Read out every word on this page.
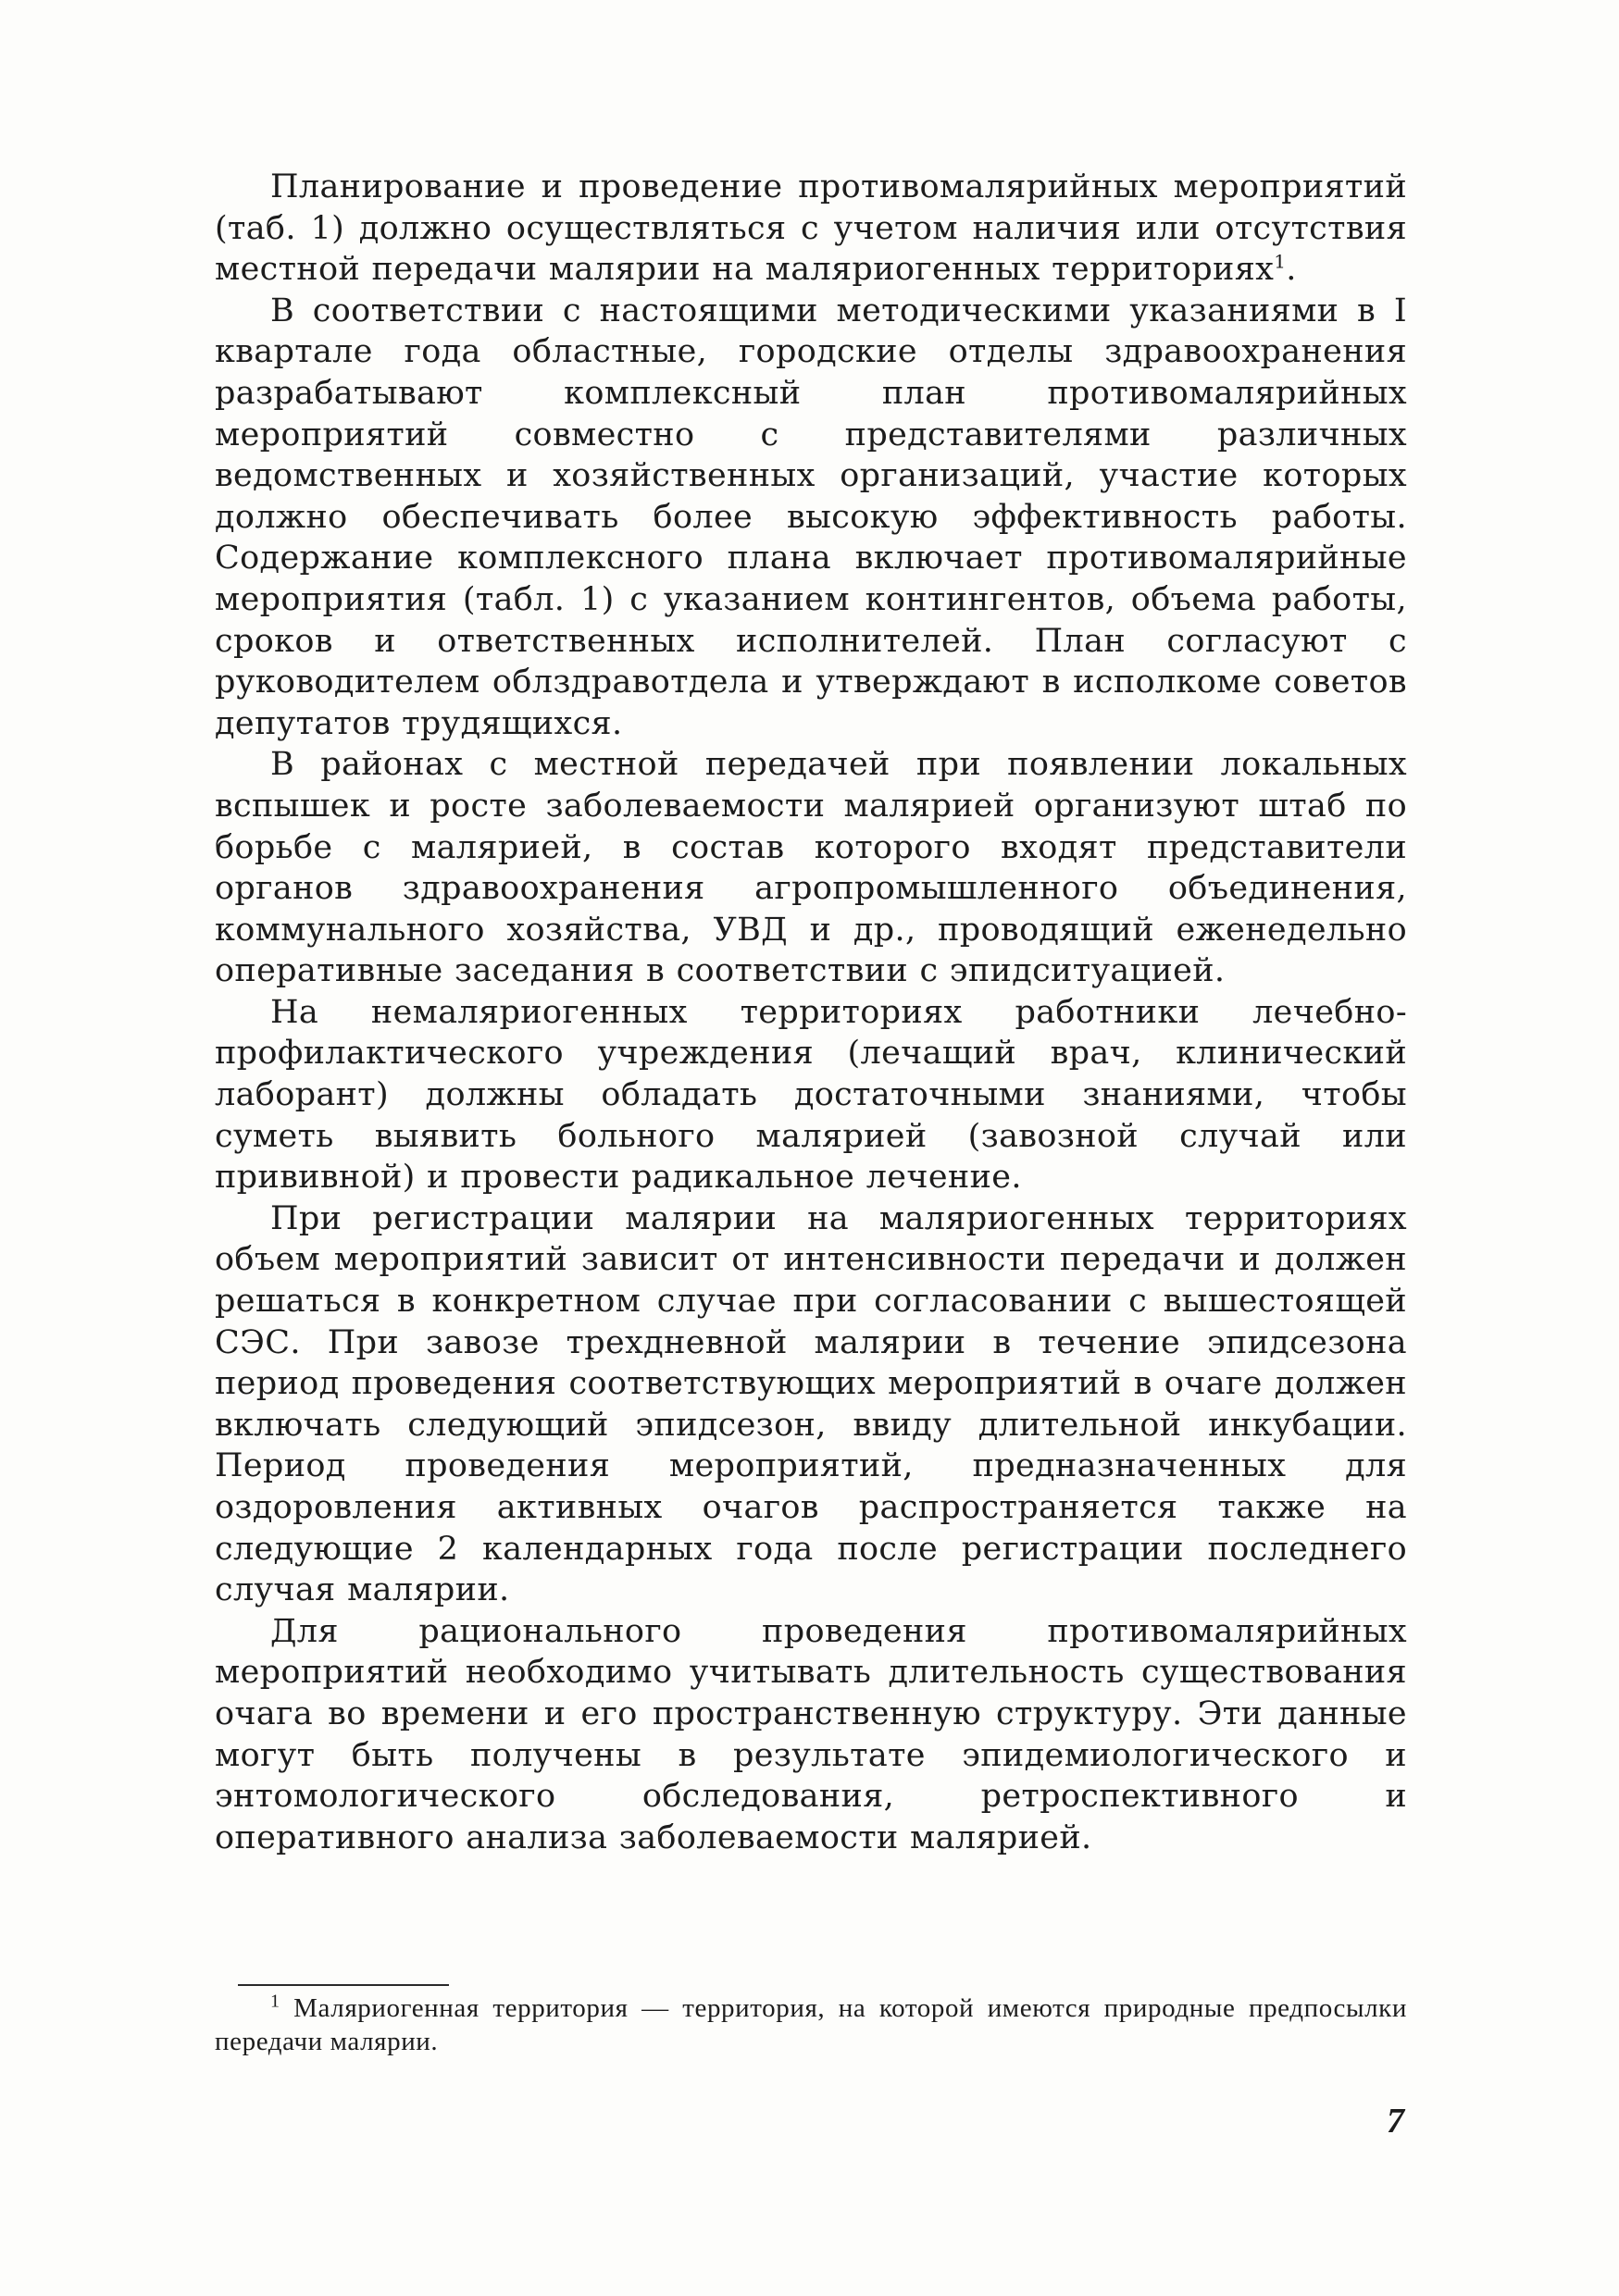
Планирование и проведение противомалярийных мероприятий (таб. 1) должно осуществляться с учетом наличия или отсутствия местной передачи малярии на маляриогенных территориях$^1$.

В соответствии с настоящими методическими указаниями в I квартале года областные, городские отделы здравоохранения разрабатывают комплексный план противомалярийных мероприятий совместно с представителями различных ведомственных и хозяйственных организаций, участие которых должно обеспечивать более высокую эффективность работы. Содержание комплексного плана включает противомалярийные мероприятия (табл. 1) с указанием контингентов, объема работы, сроков и ответственных исполнителей. План согласуют с руководителем облздравотдела и утверждают в исполкоме советов депутатов трудящихся.

В районах с местной передачей при появлении локальных вспышек и росте заболеваемости малярией организуют штаб по борьбе с малярией, в состав которого входят представители органов здравоохранения агропромышленного объединения, коммунального хозяйства, УВД и др., проводящий еженедельно оперативные заседания в соответствии с эпидситуацией.

На немаляриогенных территориях работники лечебно-профилактического учреждения (лечащий врач, клинический лаборант) должны обладать достаточными знаниями, чтобы суметь выявить больного малярией (завозной случай или прививной) и провести радикальное лечение.

При регистрации малярии на маляриогенных территориях объем мероприятий зависит от интенсивности передачи и должен решаться в конкретном случае при согласовании с вышестоящей СЭС. При завозе трехдневной малярии в течение эпидсезона период проведения соответствующих мероприятий в очаге должен включать следующий эпидсезон, ввиду длительной инкубации. Период проведения мероприятий, предназначенных для оздоровления активных очагов распространяется также на следующие 2 календарных года после регистрации последнего случая малярии.

Для рационального проведения противомалярийных мероприятий необходимо учитывать длительность существования очага во времени и его пространственную структуру. Эти данные могут быть получены в результате эпидемиологического и энтомологического обследования, ретроспективного и оперативного анализа заболеваемости малярией.

$^1$ Маляриогенная территория — территория, на которой имеются природные предпосылки передачи малярии.

7
